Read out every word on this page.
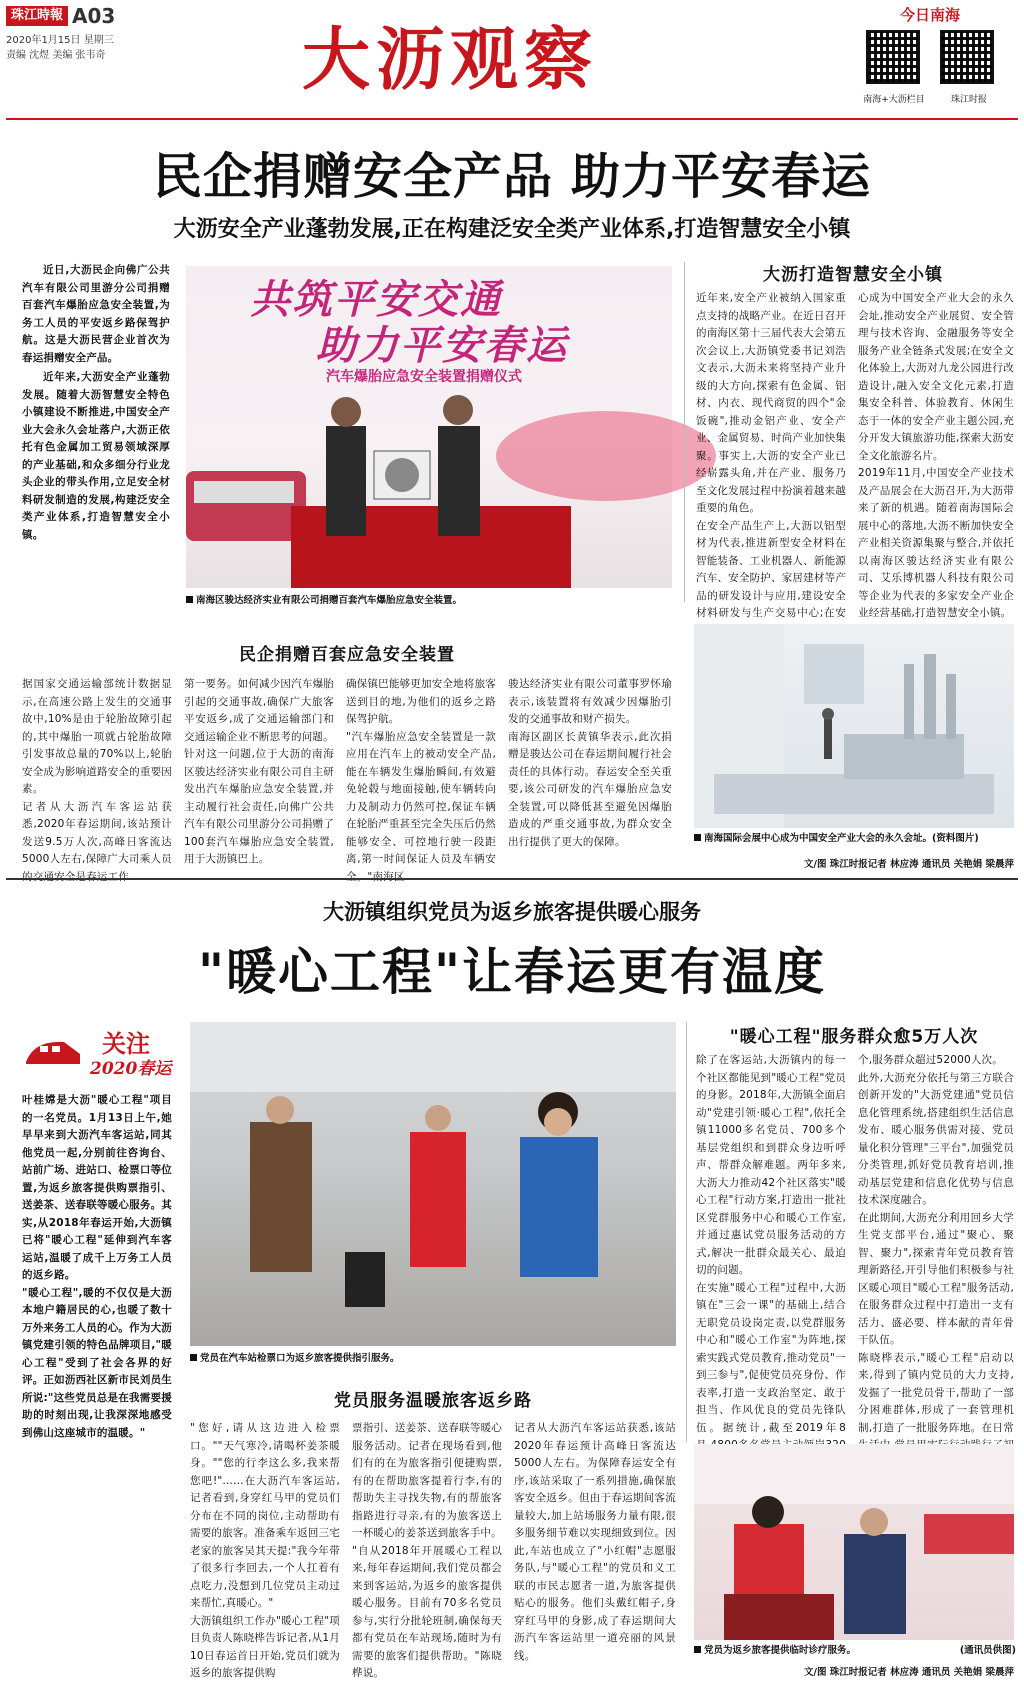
珠江時報 A03
2020年1月15日 星期三
责编 沈煜 美编 张韦奇	大沥观察
今日南海
南海+大沥栏目	珠江时报
民企捐赠安全产品 助力平安春运
大沥安全产业蓬勃发展,正在构建泛安全类产业体系,打造智慧安全小镇

近日,大沥民企向佛广公共汽车有限公司里游分公司捐赠百套汽车爆胎应急安全装置,为务工人员的平安返乡路保驾护航。这是大沥民营企业首次为春运捐赠安全产品。

近年来,大沥安全产业蓬勃发展。随着大沥智慧安全特色小镇建设不断推进,中国安全产业大会永久会址落户,大沥正依托有色金属加工贸易领域深厚的产业基础,和众多细分行业龙头企业的带头作用,立足安全材料研发制造的发展,构建泛安全类产业体系,打造智慧安全小镇。

共筑平安交通
助力平安春运
汽车爆胎应急安全装置捐赠仪式
南海区骏达经济实业有限公司捐赠百套汽车爆胎应急安全装置。
大沥打造智慧安全小镇
近年来,安全产业被纳入国家重点支持的战略产业。在近日召开的南海区第十三届代表大会第五次会议上,大沥镇党委书记刘浩文表示,大沥未来将坚持产业升级的大方向,探索有色金属、铝材、内衣、现代商贸的四个"金饭碗",推动金铝产业、安全产业、金属贸易、时尚产业加快集聚。事实上,大沥的安全产业已经崭露头角,并在产业、服务乃至文化发展过程中扮演着越来越重要的角色。
在安全产品生产上,大沥以铝型材为代表,推进新型安全材料在智能装备、工业机器人、新能源汽车、安全防护、家居建材等产品的研发设计与应用,建设安全材料研发与生产交易中心;在安
心成为中国安全产业大会的永久会址,推动安全产业展贸、安全管理与技术咨询、金融服务等安全服务产业全链条式发展;在安全文化体验上,大沥对九龙公园进行改造设计,融入安全文化元素,打造集安全科普、体验教育、休闲生态于一体的安全产业主题公园,充分开发大镇旅游功能,探索大沥安全文化旅游名片。
2019年11月,中国安全产业技术及产品展会在大沥召开,为大沥带来了新的机遇。随着南海国际会展中心的落地,大沥不断加快安全产业相关资源集聚与整合,并依托以南海区骏达经济实业有限公司、艾乐博机器人科技有限公司等企业为代表的多家安全产业企业经营基础,打造智慧安全小镇。
民企捐赠百套应急安全装置
据国家交通运输部统计数据显示,在高速公路上发生的交通事故中,10%是由于轮胎故障引起的,其中爆胎一项就占轮胎故障引发事故总量的70%以上,轮胎安全成为影响道路安全的重要因素。
记者从大沥汽车客运站获悉,2020年春运期间,该站预计发送9.5万人次,高峰日客流达5000人左右,保障广大司乘人员的交通安全是春运工作
第一要务。如何减少因汽车爆胎引起的交通事故,确保广大旅客平安返乡,成了交通运输部门和交通运输企业不断思考的问题。
针对这一问题,位于大沥的南海区骏达经济实业有限公司自主研发出汽车爆胎应急安全装置,并主动履行社会责任,向佛广公共汽车有限公司里游分公司捐赠了100套汽车爆胎应急安全装置,用于大沥镇巴上。
确保镇巴能够更加安全地将旅客送到目的地,为他们的返乡之路保驾护航。
"汽车爆胎应急安全装置是一款应用在汽车上的被动安全产品,能在车辆发生爆胎瞬间,有效避免轮毂与地面接触,使车辆转向力及制动力仍然可控,保证车辆在轮胎严重甚至完全失压后仍然能够安全、可控地行驶一段距离,第一时间保证人员及车辆安全。"南海区
骏达经济实业有限公司董事罗怀瑜表示,该装置将有效减少因爆胎引发的交通事故和财产损失。
南海区副区长黄镇华表示,此次捐赠是骏达公司在春运期间履行社会责任的具体行动。春运安全至关重要,该公司研发的汽车爆胎应急安全装置,可以降低甚至避免因爆胎造成的严重交通事故,为群众安全出行提供了更大的保障。	南海国际会展中心成为中国安全产业大会的永久会址。(资料图片)
文/图 珠江时报记者 林应涛 通讯员 关艳娟 梁晨萍
大沥镇组织党员为返乡旅客提供暖心服务
"暖心工程"让春运更有温度
关注
2020春运
叶桂嫦是大沥"暖心工程"项目的一名党员。1月13日上午,她早早来到大沥汽车客运站,同其他党员一起,分别前往咨询台、站前广场、进站口、检票口等位置,为返乡旅客提供购票指引、送姜茶、送春联等暖心服务。其实,从2018年春运开始,大沥镇已将"暖心工程"延伸到汽车客运站,温暖了成千上万务工人员的返乡路。
"暖心工程",暖的不仅仅是大沥本地户籍居民的心,也暖了数十万外来务工人员的心。作为大沥镇党建引领的特色品牌项目,"暖心工程"受到了社会各界的好评。正如沥西社区新市民刘员生所说:"这些党员总是在我需要援助的时刻出现,让我深深地感受到佛山这座城市的温暖。"
党员在汽车站检票口为返乡旅客提供指引服务。
"暖心工程"服务群众愈5万人次
除了在客运站,大沥镇内的每一个社区都能见到"暖心工程"党员的身影。2018年,大沥镇全面启动"党建引领·暖心工程",依托全镇11000多名党员、700多个基层党组织和到群众身边听呼声、帮群众解难题。两年多来,大沥大力推动42个社区落实"暖心工程"行动方案,打造出一批社区党群服务中心和暖心工作室,并通过惠试党员服务活动的方式,解决一批群众最关心、最迫切的问题。
在实施"暖心工程"过程中,大沥镇在"三会一课"的基础上,结合无职党员设岗定责,以党群服务中心和"暖心工作室"为阵地,探索实践式党员教育,推动党员"一到三参与",促使党员亮身份、作表率,打造一支政治坚定、敢于担当、作风优良的党员先锋队伍。据统计,截至2019年8
个,服务群众超过52000人次。
此外,大沥充分依托与第三方联合创新开发的"大沥党建通"党员信息化管理系统,搭建组织生活信息发布、暖心服务供需对接、党员量化积分管理"三平台",加强党员分类管理,抓好党员教育培训,推动基层党建和信息化优势与信息技术深度融合。
在此期间,大沥充分利用回乡大学生党支部平台,通过"聚心、聚智、聚力",探索青年党员教育管理新路径,开引导他们积极参与社区暖心项目"暖心工程"服务活动,在服务群众过程中打造出一支有活力、盛必要、样本献的青年骨干队伍。
陈晓桦表示,"暖心工程"启动以来,得到了镇内党员的大力支持,发掘了一批党员骨干,帮助了一部分困难群体,形成了一套管理机制,打造了一批服务阵地。在日常
党员服务温暖旅客返乡路
"您好,请从这边进入检票口。""天气寒冷,请喝杯姜茶暖身。""您的行李这么多,我来帮您吧!"……在大沥汽车客运站,记者看到,身穿红马甲的党员们分布在不同的岗位,主动帮助有需要的旅客。准备乘车返回三宅老家的旅客吴其天提:"我今年带了很多行李回去,一个人扛着有点吃力,没想到几位党员主动过来帮忙,真暖心。"
大沥镇组织工作办"暖心工程"项目负责人陈晓桦告诉记者,从1月10日春运首日开始,党员们就为返乡的旅客提供购
票指引、送姜茶、送春联等暖心服务活动。记者在现场看到,他们有的在为旅客指引便捷购票,有的在帮助旅客提着行李,有的帮助失主寻找失物,有的帮旅客指路进行寻亲,有的为旅客送上一杯暖心的姜茶送到旅客手中。
"自从2018年开展暖心工程以来,每年春运期间,我们党员都会来到客运站,为返乡的旅客提供暖心服务。目前有70多名党员参与,实行分批轮班制,确保每天都有党员在车站现场,随时为有需要的旅客们提供帮助。"陈晓桦说。
记者从大沥汽车客运站获悉,该站2020年春运预计高峰日客流达5000人左右。为保障春运安全有序,该站采取了一系列措施,确保旅客安全返乡。但由于春运期间客流量较大,加上站场服务力量有限,很多服务细节难以实现细致到位。因此,车站也成立了"小红帽"志愿服务队,与"暖心工程"的党员和义工联的市民志愿者一道,为旅客提供贴心的服务。他们头戴红帽子,身穿红马甲的身影,成了春运期间大沥汽车客运站里一道亮丽的风景线。	党员为返乡旅客提供临时诊疗服务。	(通讯员供图)
文/图 珠江时报记者 林应涛 通讯员 关艳娟 梁晨萍
